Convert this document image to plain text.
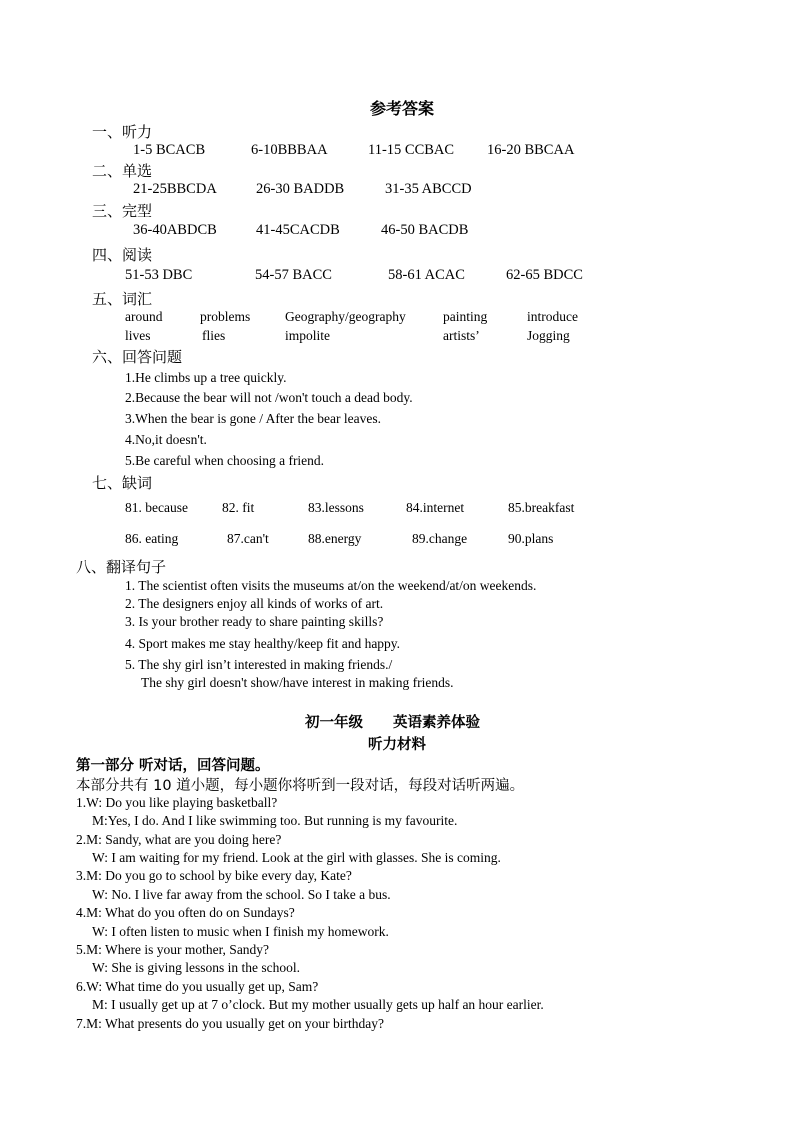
参考答案
一、听力
1-5 BCACB	6-10BBBAA	11-15 CCBAC 16-20 BBCAA
二、单选
21-25BBCDA	26-30 BADDB	31-35 ABCCD
三、完型
36-40ABDCB	41-45CACDB	46-50 BACDB
四、阅读
51-53 DBC	54-57 BACC	58-61 ACAC	62-65 BDCC
五、词汇
around	problems	Geography/geography	painting	introduce
lives	flies	impolite	artists’	Jogging
六、回答问题
1.He climbs up a tree quickly.
2.Because the bear will not /won't touch a dead body.
3.When the bear is gone / After the bear leaves.
4.No,it doesn't.
5.Be careful when choosing a friend.
七、缺词
81. because	82. fit	83.lessons	84.internet	85.breakfast
86. eating	87.can't	88.energy	89.change	90.plans
八、翻译句子
1. The scientist often visits the museums at/on the weekend/at/on weekends.
2. The designers enjoy all kinds of works of art.
3. Is your brother ready to share painting skills?
4. Sport makes me stay healthy/keep fit and happy.
5. The shy girl isn’t interested in making friends./
The shy girl doesn't show/have interest in making friends.
初一年级 英语素养体验
听力材料
第一部分 听对话，回答问题。
本部分共有 10 道小题，每小题你将听到一段对话，每段对话听两遍。
1.W: Do you like playing basketball?
M:Yes, I do. And I like swimming too. But running is my favourite.
2.M: Sandy, what are you doing here?
W: I am waiting for my friend. Look at the girl with glasses. She is coming.
3.M: Do you go to school by bike every day, Kate?
W: No. I live far away from the school. So I take a bus.
4.M: What do you often do on Sundays?
W: I often listen to music when I finish my homework.
5.M: Where is your mother, Sandy?
W: She is giving lessons in the school.
6.W: What time do you usually get up, Sam?
M: I usually get up at 7 o’clock. But my mother usually gets up half an hour earlier.
7.M: What presents do you usually get on your birthday?
